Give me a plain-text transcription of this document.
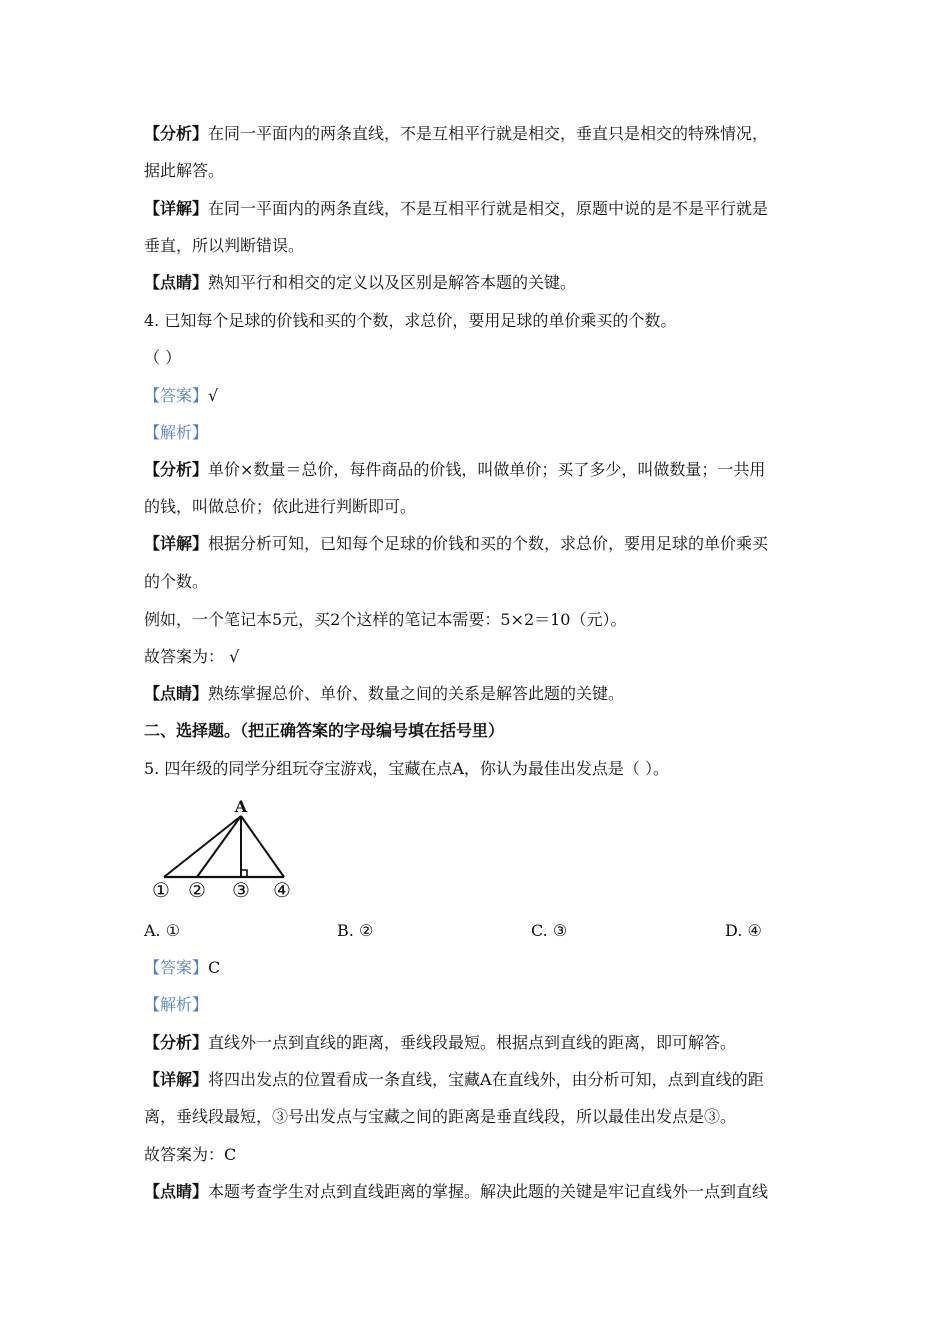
【分析】在同一平面内的两条直线，不是互相平行就是相交，垂直只是相交的特殊情况，
据此解答。
【详解】在同一平面内的两条直线，不是互相平行就是相交，原题中说的是不是平行就是
垂直，所以判断错误。
【点睛】熟知平行和相交的定义以及区别是解答本题的关键。
4. 已知每个足球的价钱和买的个数，求总价，要用足球的单价乘买的个数。
（ ）
【答案】√
【解析】
【分析】单价×数量＝总价，每件商品的价钱，叫做单价；买了多少，叫做数量；一共用
的钱，叫做总价；依此进行判断即可。
【详解】根据分析可知，已知每个足球的价钱和买的个数，求总价，要用足球的单价乘买
的个数。
例如，一个笔记本5元，买2个这样的笔记本需要：5×2＝10（元）。
故答案为： √
【点睛】熟练掌握总价、单价、数量之间的关系是解答此题的关键。
二、选择题。（把正确答案的字母编号填在括号里）
5. 四年级的同学分组玩夺宝游戏，宝藏在点A，你认为最佳出发点是（ ）。
A
① ② ③ ④
A. ①	B. ②	C. ③	D. ④
【答案】C
【解析】
【分析】直线外一点到直线的距离，垂线段最短。根据点到直线的距离，即可解答。
【详解】将四出发点的位置看成一条直线，宝藏A在直线外，由分析可知，点到直线的距
离，垂线段最短，③号出发点与宝藏之间的距离是垂直线段，所以最佳出发点是③。
故答案为：C
【点睛】本题考查学生对点到直线距离的掌握。解决此题的关键是牢记直线外一点到直线
